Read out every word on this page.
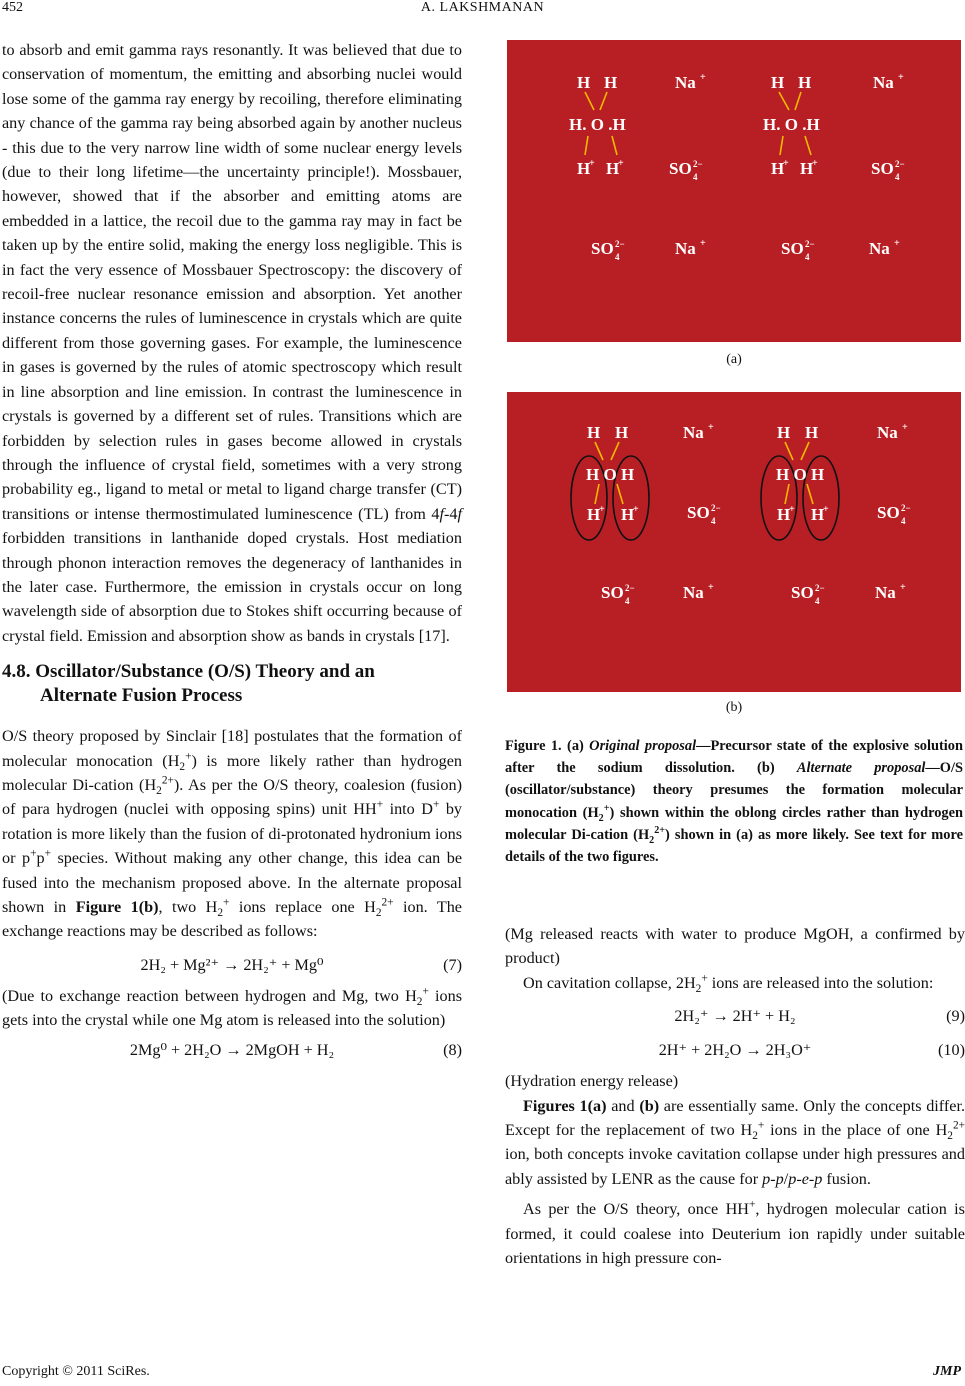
452	A. LAKSHMANAN

to absorb and emit gamma rays resonantly. It was believed that due to conservation of momentum, the emitting and absorbing nuclei would lose some of the gamma ray energy by recoiling, therefore eliminating any chance of the gamma ray being absorbed again by another nucleus - this due to the very narrow line width of some nuclear energy levels (due to their long lifetime—the uncertainty principle!). Mossbauer, however, showed that if the absorber and emitting atoms are embedded in a lattice, the recoil due to the gamma ray may in fact be taken up by the entire solid, making the energy loss negligible. This is in fact the very essence of Mossbauer Spectroscopy: the discovery of recoil-free nuclear resonance emission and absorption. Yet another instance concerns the rules of luminescence in crystals which are quite different from those governing gases. For example, the luminescence in gases is governed by the rules of atomic spectroscopy which result in line absorption and line emission. In contrast the luminescence in crystals is governed by a different set of rules. Transitions which are forbidden by selection rules in gases become allowed in crystals through the influence of crystal field, sometimes with a very strong probability eg., ligand to metal or metal to ligand charge transfer (CT) transitions or intense thermostimulated luminescence (TL) from 4f-4f forbidden transitions in lanthanide doped crystals. Host mediation through phonon interaction removes the degeneracy of lanthanides in the later case. Furthermore, the emission in crystals occur on long wavelength side of absorption due to Stokes shift occurring because of crystal field. Emission and absorption show as bands in crystals [17].

4.8. Oscillator/Substance (O/S) Theory and an
Alternate Fusion Process

O/S theory proposed by Sinclair [18] postulates that the formation of molecular monocation $(H_2^+)$ is more likely rather than hydrogen molecular Di-cation $(H_2^{2+})$. As per the O/S theory, coalesion (fusion) of para hydrogen (nuclei with opposing spins) unit HH+ into D+ by rotation is more likely than the fusion of di-protonated hydronium ions or p+p+ species. Without making any other change, this idea can be fused into the mechanism proposed above. In the alternate proposal shown in Figure 1(b), two $H_2^+$ ions replace one $H_2^{2+}$ ion. The exchange reactions may be described as follows:

2H₂ + Mg²⁺ → 2H₂⁺ + Mg⁰	(7)

(Due to exchange reaction between hydrogen and Mg, two $H_2^+$ ions gets into the crystal while one Mg atom is released into the solution)

2Mg⁰ + 2H₂O → 2MgOH + H₂	(8)
H H
H. O .H
H
+ H
+
Na +
SO 2−
4
H H
H. O .H
H
+ H
+
Na +
SO 2−
4
SO 2−
4	Na +	SO 2−
4	Na +
(a)
H H
H O H
H
+ H
+
Na +
SO 2−
4
H H
H O H
H
+ H
+
Na +
SO 2−
4
SO 2−
4	Na +	SO 2−
4	Na +
(b)
Figure 1. (a) Original proposal—Precursor state of the explosive solution after the sodium dissolution. (b) Alternate proposal—O/S (oscillator/substance) theory presumes the formation molecular monocation $(H_2^+)$ shown within the oblong circles rather than hydrogen molecular Di-cation $(H_2^{2+})$ shown in (a) as more likely. See text for more details of the two figures.

(Mg released reacts with water to produce MgOH, a confirmed by product)

On cavitation collapse, $2H_2^+$ ions are released into the solution:

2H₂⁺ → 2H⁺ + H₂	(9)
2H⁺ + 2H₂O → 2H₃O⁺	(10)

(Hydration energy release)

Figures 1(a) and (b) are essentially same. Only the concepts differ. Except for the replacement of two $H_2^+$ ions in the place of one $H_2^{2+}$ ion, both concepts invoke cavitation collapse under high pressures and ably assisted by LENR as the cause for p-p/p-e-p fusion.

As per the O/S theory, once HH+, hydrogen molecular cation is formed, it could coalese into Deuterium ion rapidly under suitable orientations in high pressure con-

Copyright © 2011 SciRes.	JMP
